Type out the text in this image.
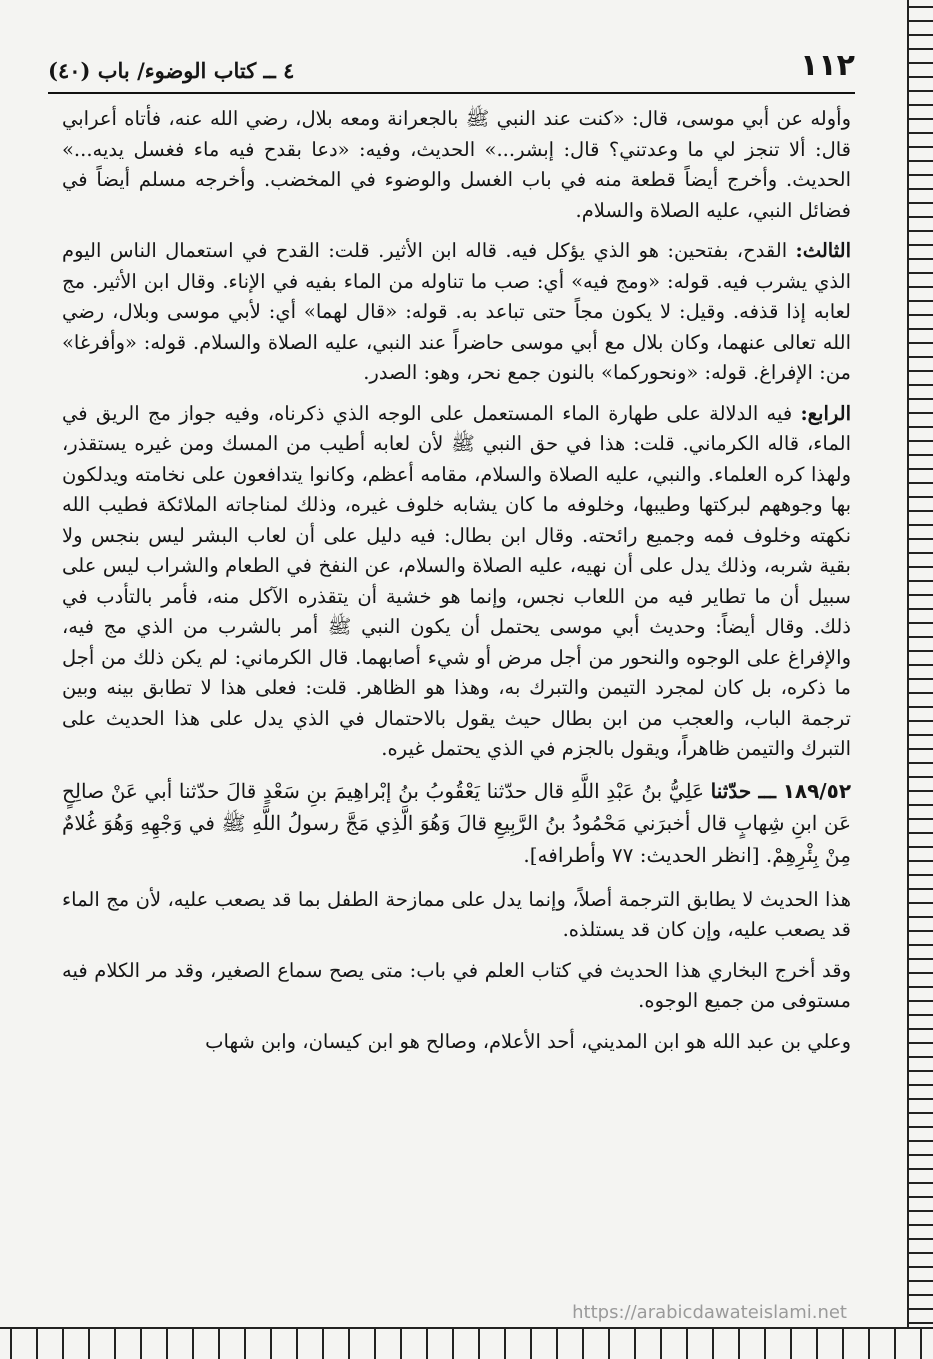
١١٢
٤ ــ كتاب الوضوء/ باب (٤٠)

وأوله عن أبي موسى، قال: «كنت عند النبي ﷺ بالجعرانة ومعه بلال، رضي الله عنه، فأتاه أعرابي قال: ألا تنجز لي ما وعدتني؟ قال: إبشر...» الحديث، وفيه: «دعا بقدح فيه ماء فغسل يديه...» الحديث. وأخرج أيضاً قطعة منه في باب الغسل والوضوء في المخضب. وأخرجه مسلم أيضاً في فضائل النبي، عليه الصلاة والسلام.

الثالث: القدح، بفتحين: هو الذي يؤكل فيه. قاله ابن الأثير. قلت: القدح في استعمال الناس اليوم الذي يشرب فيه. قوله: «ومج فيه» أي: صب ما تناوله من الماء بفيه في الإناء. وقال ابن الأثير. مج لعابه إذا قذفه. وقيل: لا يكون مجاً حتى تباعد به. قوله: «قال لهما» أي: لأبي موسى وبلال، رضي الله تعالى عنهما، وكان بلال مع أبي موسى حاضراً عند النبي، عليه الصلاة والسلام. قوله: «وأفرغا» من: الإفراغ. قوله: «ونحوركما» بالنون جمع نحر، وهو: الصدر.

الرابع: فيه الدلالة على طهارة الماء المستعمل على الوجه الذي ذكرناه، وفيه جواز مج الريق في الماء، قاله الكرماني. قلت: هذا في حق النبي ﷺ لأن لعابه أطيب من المسك ومن غيره يستقذر، ولهذا كره العلماء. والنبي، عليه الصلاة والسلام، مقامه أعظم، وكانوا يتدافعون على نخامته ويدلكون بها وجوههم لبركتها وطيبها، وخلوفه ما كان يشابه خلوف غيره، وذلك لمناجاته الملائكة فطيب الله نكهته وخلوف فمه وجميع رائحته. وقال ابن بطال: فيه دليل على أن لعاب البشر ليس بنجس ولا بقية شربه، وذلك يدل على أن نهيه، عليه الصلاة والسلام، عن النفخ في الطعام والشراب ليس على سبيل أن ما تطاير فيه من اللعاب نجس، وإنما هو خشية أن يتقذره الآكل منه، فأمر بالتأدب في ذلك. وقال أيضاً: وحديث أبي موسى يحتمل أن يكون النبي ﷺ أمر بالشرب من الذي مج فيه، والإفراغ على الوجوه والنحور من أجل مرض أو شيء أصابهما. قال الكرماني: لم يكن ذلك من أجل ما ذكره، بل كان لمجرد التيمن والتبرك به، وهذا هو الظاهر. قلت: فعلى هذا لا تطابق بينه وبين ترجمة الباب، والعجب من ابن بطال حيث يقول بالاحتمال في الذي يدل على هذا الحديث على التبرك والتيمن ظاهراً، ويقول بالجزم في الذي يحتمل غيره.

١٨٩/٥٢ ـــ حدّثنا عَلِيُّ بنُ عَبْدِ اللَّهِ قال حدّثنا يَعْقُوبُ بنُ إبْراهِيمَ بنِ سَعْدٍ قالَ حدّثنا أبي عَنْ صالِحٍ عَن ابنِ شِهابٍ قال أخبرَني مَحْمُودُ بنُ الرَّبِيعِ قالَ وَهُوَ الَّذِي مَجَّ رسولُ اللَّهِ ﷺ في وَجْهِهِ وَهُوَ غُلامٌ مِنْ بِئْرِهِمْ. [انظر الحديث: ٧٧ وأطرافه].

هذا الحديث لا يطابق الترجمة أصلاً، وإنما يدل على ممازحة الطفل بما قد يصعب عليه، لأن مج الماء قد يصعب عليه، وإن كان قد يستلذه.

وقد أخرج البخاري هذا الحديث في كتاب العلم في باب: متى يصح سماع الصغير، وقد مر الكلام فيه مستوفى من جميع الوجوه.

وعلي بن عبد الله هو ابن المديني، أحد الأعلام، وصالح هو ابن كيسان، وابن شهاب

https://arabicdawateislami.net
